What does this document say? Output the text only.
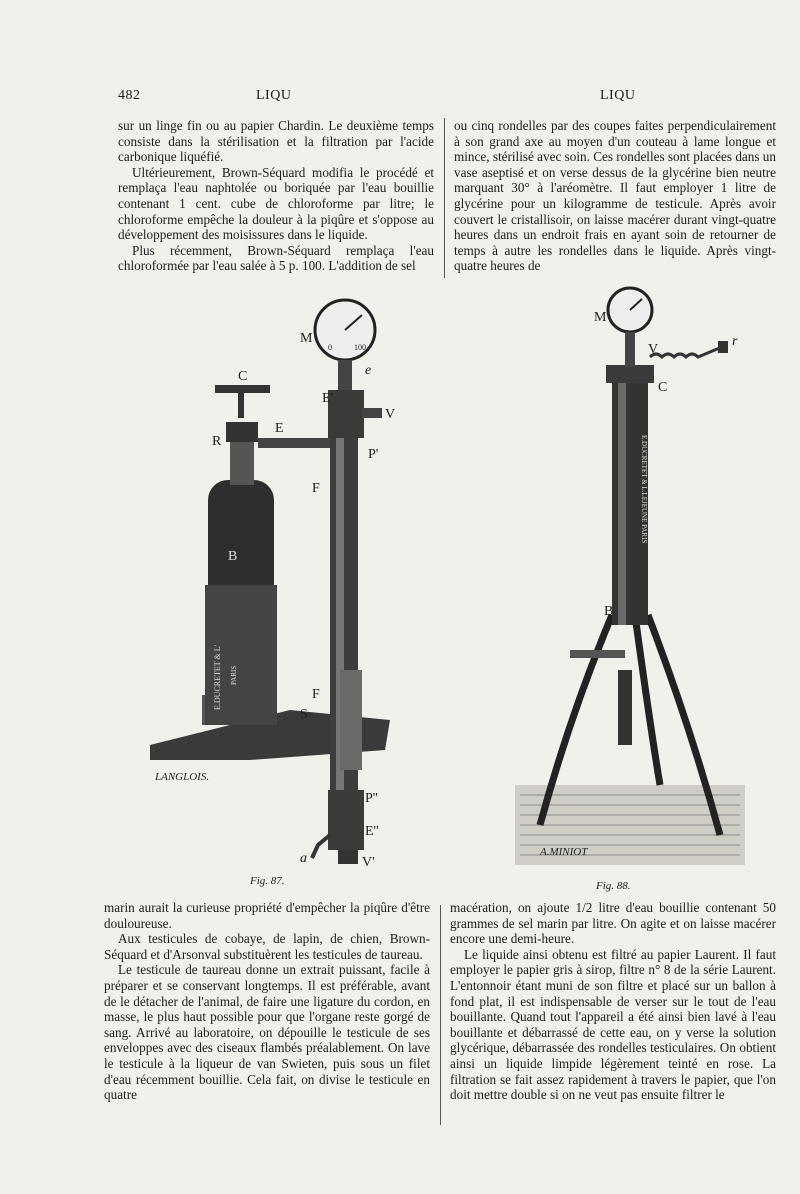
482	LIQU	LIQU

sur un linge fin ou au papier Chardin. Le deuxième temps consiste dans la stérilisation et la filtration par l'acide carbonique liquéfié.

Ultérieurement, Brown-Séquard modifia le procédé et remplaça l'eau naphtolée ou boriquée par l'eau bouillie contenant 1 cent. cube de chloroforme par litre; le chloroforme empêche la douleur à la piqûre et s'oppose au développement des moisissures dans le liquide.

Plus récemment, Brown-Séquard remplaça l'eau chloroformée par l'eau salée à 5 p. 100. L'addition de sel

ou cinq rondelles par des coupes faites perpendiculairement à son grand axe au moyen d'un couteau à lame longue et mince, stérilisé avec soin. Ces rondelles sont placées dans un vase aseptisé et on verse dessus de la glycérine bien neutre marquant 30° à l'aréomètre. Il faut employer 1 litre de glycérine pour un kilogramme de testicule. Après avoir couvert le cristallisoir, on laisse macérer durant vingt-quatre heures dans un endroit frais en ayant soin de retourner de temps à autre les rondelles dans le liquide. Après vingt-quatre heures de

M
0	100
C	e
E'
V
E
R
P'
F
B
E.DUCRETET & L' PARIS
F
S
LANGLOIS.
P''
E''
a	V'
Fig. 87.
M
V
r
C
E.DUCRETET & L.LEJEUNE PARIS
B
A.MINIOT
Fig. 88.

marin aurait la curieuse propriété d'empêcher la piqûre d'être douloureuse.

Aux testicules de cobaye, de lapin, de chien, Brown-Séquard et d'Arsonval substituèrent les testicules de taureau.

Le testicule de taureau donne un extrait puissant, facile à préparer et se conservant longtemps. Il est préférable, avant de le détacher de l'animal, de faire une ligature du cordon, en masse, le plus haut possible pour que l'organe reste gorgé de sang. Arrivé au laboratoire, on dépouille le testicule de ses enveloppes avec des ciseaux flambés préalablement. On lave le testicule à la liqueur de van Swieten, puis sous un filet d'eau récemment bouillie. Cela fait, on divise le testicule en quatre

macération, on ajoute 1/2 litre d'eau bouillie contenant 50 grammes de sel marin par litre. On agite et on laisse macérer encore une demi-heure.

Le liquide ainsi obtenu est filtré au papier Laurent. Il faut employer le papier gris à sirop, filtre n° 8 de la série Laurent. L'entonnoir étant muni de son filtre et placé sur un ballon à fond plat, il est indispensable de verser sur le tout de l'eau bouillante. Quand tout l'appareil a été ainsi bien lavé à l'eau bouillante et débarrassé de cette eau, on y verse la solution glycérique, débarrassée des rondelles testiculaires. On obtient ainsi un liquide limpide légèrement teinté en rose. La filtration se fait assez rapidement à travers le papier, que l'on doit mettre double si on ne veut pas ensuite filtrer le
